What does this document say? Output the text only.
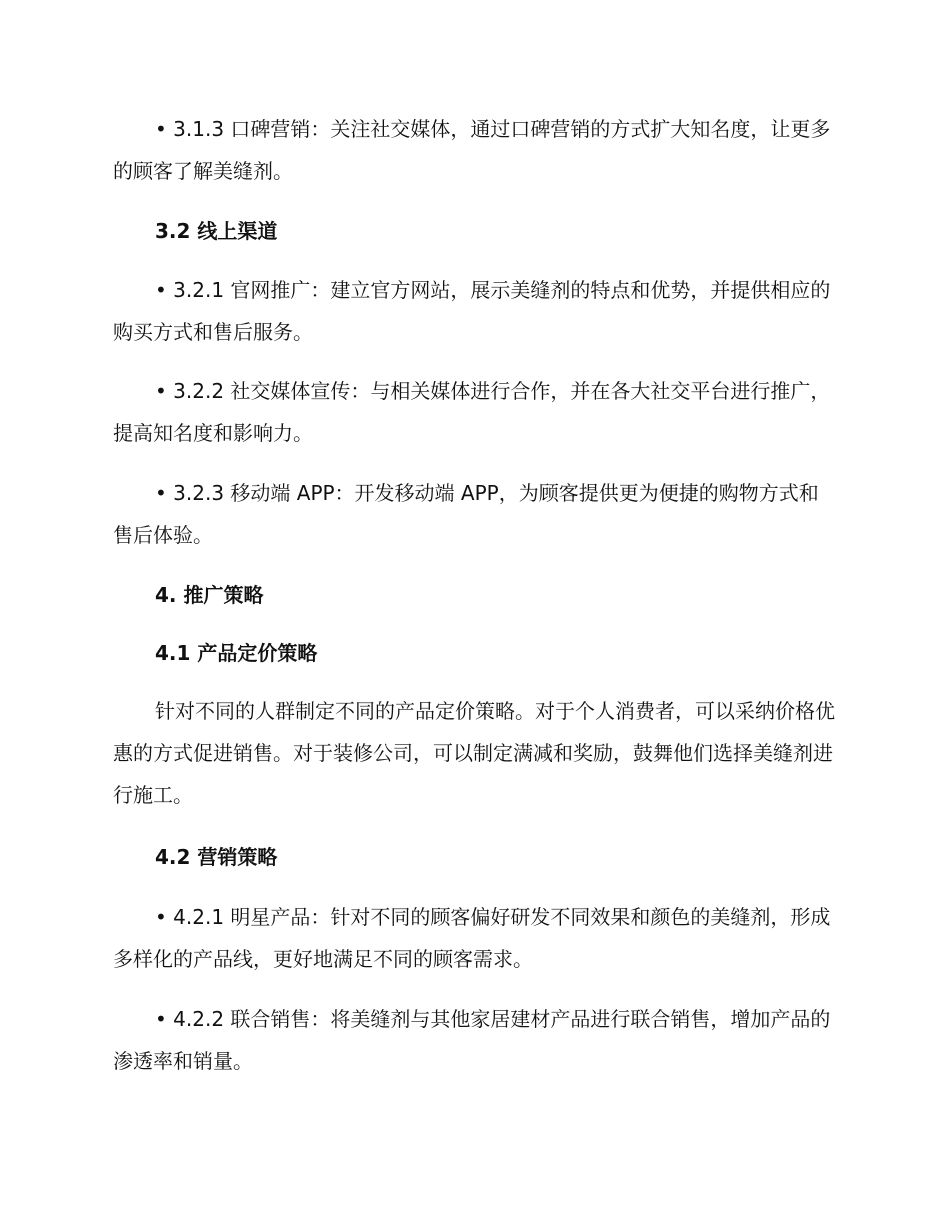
• 3.1.3 口碑营销：关注社交媒体，通过口碑营销的方式扩大知名度，让更多的顾客了解美缝剂。

3.2 线上渠道

• 3.2.1 官网推广：建立官方网站，展示美缝剂的特点和优势，并提供相应的购买方式和售后服务。

• 3.2.2 社交媒体宣传：与相关媒体进行合作，并在各大社交平台进行推广，提高知名度和影响力。

• 3.2.3 移动端 APP：开发移动端 APP，为顾客提供更为便捷的购物方式和售后体验。

4. 推广策略

4.1 产品定价策略

针对不同的人群制定不同的产品定价策略。对于个人消费者，可以采纳价格优惠的方式促进销售。对于装修公司，可以制定满减和奖励，鼓舞他们选择美缝剂进行施工。

4.2 营销策略

• 4.2.1 明星产品：针对不同的顾客偏好研发不同效果和颜色的美缝剂，形成多样化的产品线，更好地满足不同的顾客需求。

• 4.2.2 联合销售：将美缝剂与其他家居建材产品进行联合销售，增加产品的渗透率和销量。
